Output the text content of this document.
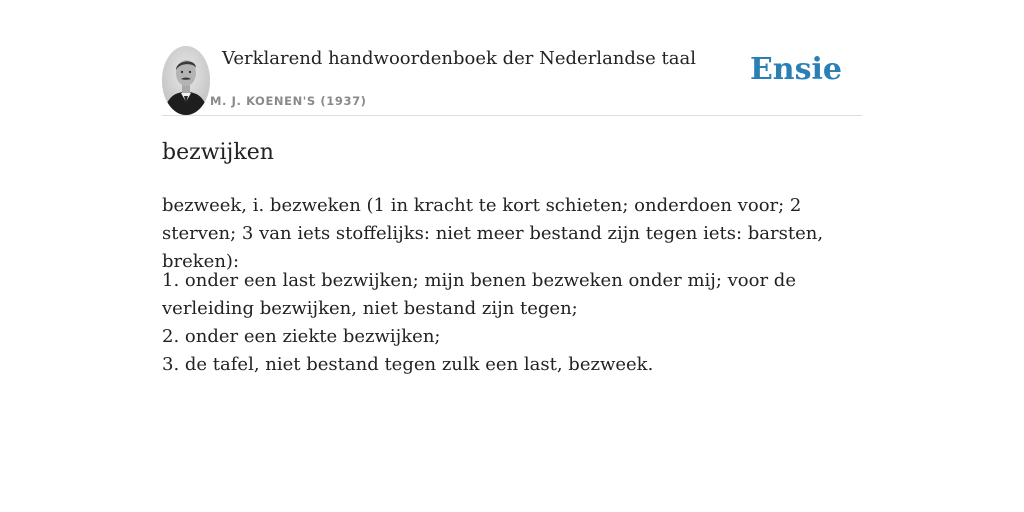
Verklarend handwoordenboek der Nederlandse taal
M. J. KOENEN'S (1937)
Ensie
bezwijken

bezweek, i. bezweken (1 in kracht te kort schieten; onderdoen voor; 2 sterven; 3 van iets stoffelijks: niet meer bestand zijn tegen iets: barsten, breken):

1. onder een last bezwijken; mijn benen bezweken onder mij; voor de verleiding bezwijken, niet bestand zijn tegen;
2. onder een ziekte bezwijken;
3. de tafel, niet bestand tegen zulk een last, bezweek.
